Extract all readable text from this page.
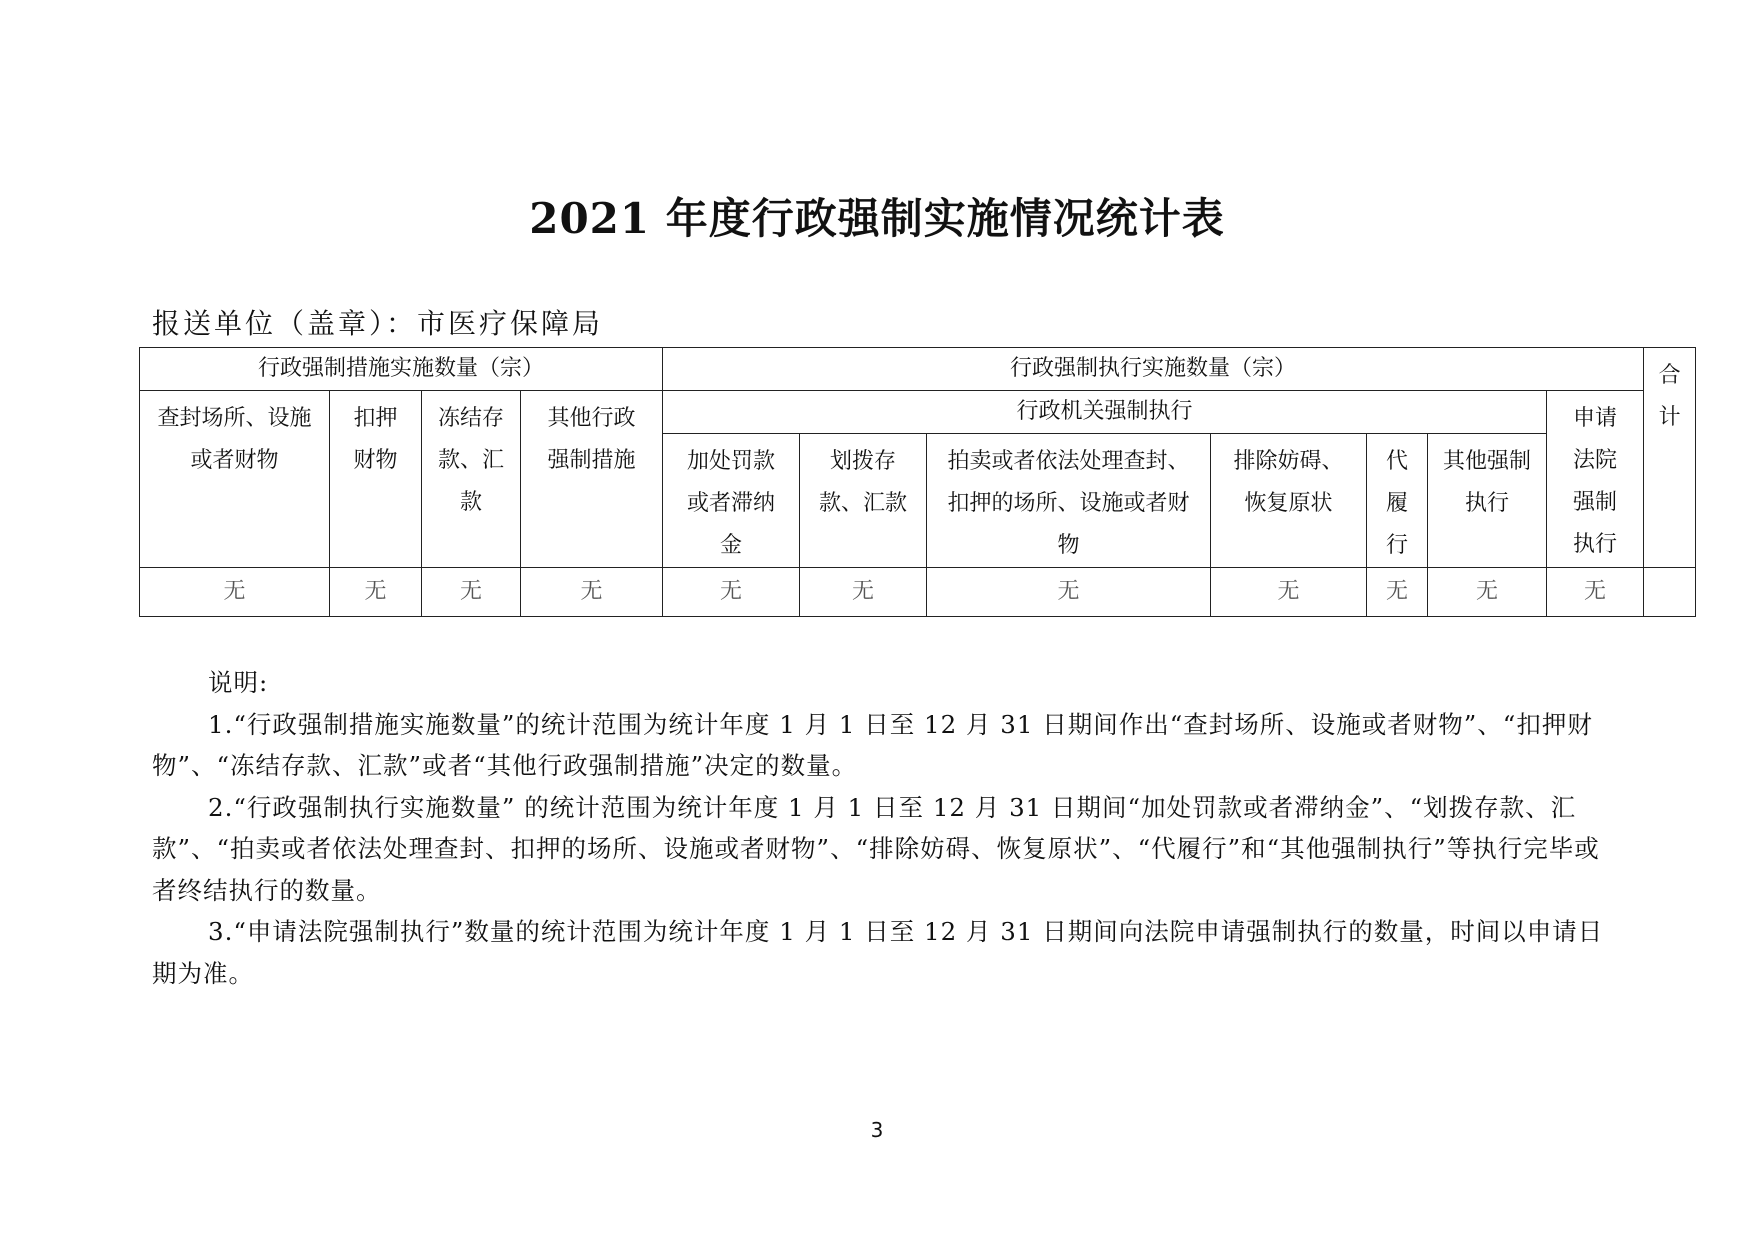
2021 年度行政强制实施情况统计表
报送单位（盖章）：市医疗保障局
行政强制措施实施数量（宗）				行政强制执行实施数量（宗）							合计
查封场所、设施或者财物	扣押财物	冻结存款、汇款	其他行政强制措施	行政机关强制执行						申请法院强制执行	
				加处罚款或者滞纳金	划拨存款、汇款	拍卖或者依法处理查封、扣押的场所、设施或者财物	排除妨碍、恢复原状	代履行	其他强制执行		
无	无	无	无	无	无	无	无	无	无	无	

说明:

1.“行政强制措施实施数量”的统计范围为统计年度 1 月 1 日至 12 月 31 日期间作出“查封场所、设施或者财物”、“扣押财物”、“冻结存款、汇款”或者“其他行政强制措施”决定的数量。

2.“行政强制执行实施数量” 的统计范围为统计年度 1 月 1 日至 12 月 31 日期间“加处罚款或者滞纳金”、“划拨存款、汇款”、“拍卖或者依法处理查封、扣押的场所、设施或者财物”、“排除妨碍、恢复原状”、“代履行”和“其他强制执行”等执行完毕或者终结执行的数量。

3.“申请法院强制执行”数量的统计范围为统计年度 1 月 1 日至 12 月 31 日期间向法院申请强制执行的数量，时间以申请日期为准。

3
